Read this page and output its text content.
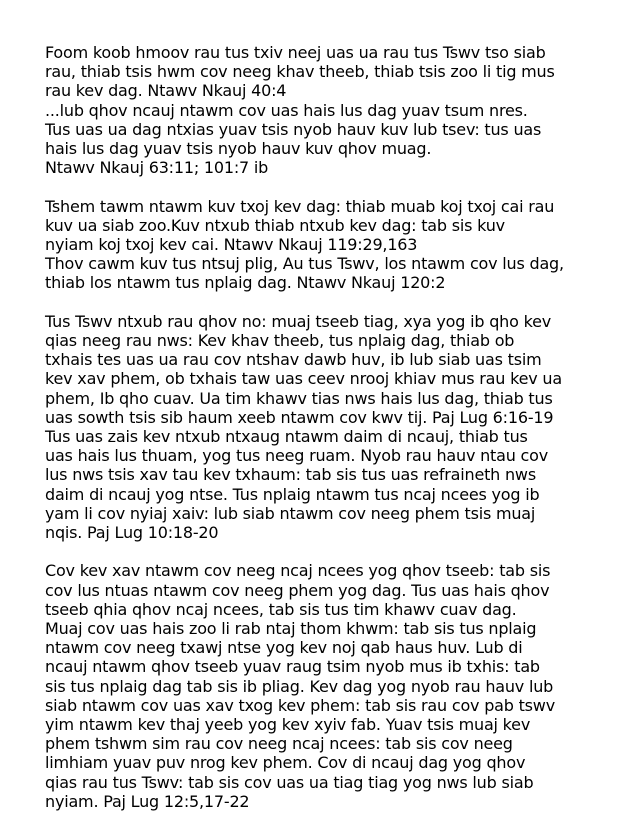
Foom koob hmoov rau tus txiv neej uas ua rau tus Tswv tso siab
rau, thiab tsis hwm cov neeg khav theeb, thiab tsis zoo li tig mus
rau kev dag. Ntawv Nkauj 40:4
...lub qhov ncauj ntawm cov uas hais lus dag yuav tsum nres.
Tus uas ua dag ntxias yuav tsis nyob hauv kuv lub tsev: tus uas
hais lus dag yuav tsis nyob hauv kuv qhov muag.
Ntawv Nkauj 63:11; 101:7 ib
Tshem tawm ntawm kuv txoj kev dag: thiab muab koj txoj cai rau
kuv ua siab zoo.Kuv ntxub thiab ntxub kev dag: tab sis kuv
nyiam koj txoj kev cai. Ntawv Nkauj 119:29,163
Thov cawm kuv tus ntsuj plig, Au tus Tswv, los ntawm cov lus dag,
thiab los ntawm tus nplaig dag. Ntawv Nkauj 120:2
Tus Tswv ntxub rau qhov no: muaj tseeb tiag, xya yog ib qho kev
qias neeg rau nws: Kev khav theeb, tus nplaig dag, thiab ob
txhais tes uas ua rau cov ntshav dawb huv, ib lub siab uas tsim
kev xav phem, ob txhais taw uas ceev nrooj khiav mus rau kev ua
phem, Ib qho cuav. Ua tim khawv tias nws hais lus dag, thiab tus
uas sowth tsis sib haum xeeb ntawm cov kwv tij. Paj Lug 6:16-19
Tus uas zais kev ntxub ntxaug ntawm daim di ncauj, thiab tus
uas hais lus thuam, yog tus neeg ruam. Nyob rau hauv ntau cov
lus nws tsis xav tau kev txhaum: tab sis tus uas refraineth nws
daim di ncauj yog ntse. Tus nplaig ntawm tus ncaj ncees yog ib
yam li cov nyiaj xaiv: lub siab ntawm cov neeg phem tsis muaj
nqis. Paj Lug 10:18-20
Cov kev xav ntawm cov neeg ncaj ncees yog qhov tseeb: tab sis
cov lus ntuas ntawm cov neeg phem yog dag. Tus uas hais qhov
tseeb qhia qhov ncaj ncees, tab sis tus tim khawv cuav dag.
Muaj cov uas hais zoo li rab ntaj thom khwm: tab sis tus nplaig
ntawm cov neeg txawj ntse yog kev noj qab haus huv. Lub di
ncauj ntawm qhov tseeb yuav raug tsim nyob mus ib txhis: tab
sis tus nplaig dag tab sis ib pliag. Kev dag yog nyob rau hauv lub
siab ntawm cov uas xav txog kev phem: tab sis rau cov pab tswv
yim ntawm kev thaj yeeb yog kev xyiv fab. Yuav tsis muaj kev
phem tshwm sim rau cov neeg ncaj ncees: tab sis cov neeg
limhiam yuav puv nrog kev phem. Cov di ncauj dag yog qhov
qias rau tus Tswv: tab sis cov uas ua tiag tiag yog nws lub siab
nyiam. Paj Lug 12:5,17-22
